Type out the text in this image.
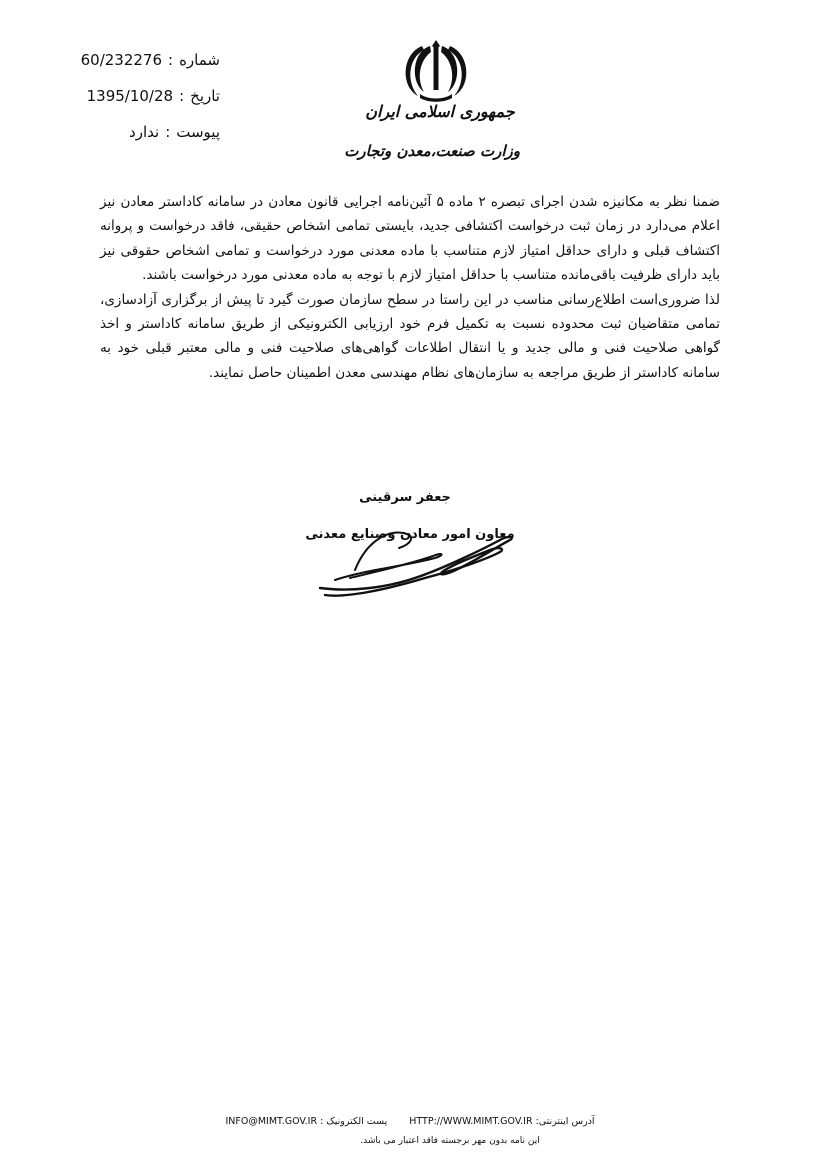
شماره:60/232276
تاریخ:1395/10/28
پیوست:ندارد
جمهوری اسلامی ایران
وزارت صنعت،معدن وتجارت

ضمنا نظر به مکانیزه شدن اجرای تبصره ۲ ماده ۵ آئین‌نامه اجرایی قانون معادن در سامانه کاداستر معادن نیز اعلام می‌دارد در زمان ثبت درخواست اکتشافی جدید، بایستی تمامی اشخاص حقیقی، فاقد درخواست و پروانه اکتشاف قبلی و دارای حداقل امتیاز لازم متناسب با ماده معدنی مورد درخواست و تمامی اشخاص حقوقی نیز باید دارای ظرفیت باقی‌مانده متناسب با حداقل امتیاز لازم با توجه به ماده معدنی مورد درخواست باشند.

لذا ضروری‌است اطلاع‌رسانی مناسب در این راستا در سطح سازمان صورت گیرد تا پیش از برگزاری آزادسازی، تمامی متقاضیان ثبت محدوده نسبت به تکمیل فرم خود ارزیابی الکترونیکی از طریق سامانه کاداستر و اخذ گواهی صلاحیت فنی و مالی جدید و یا انتقال اطلاعات گواهی‌های صلاحیت فنی و مالی معتبر قبلی خود به سامانه کاداستر از طریق مراجعه به سازمان‌های نظام مهندسی معدن اطمینان حاصل نمایند.

جعفر سرقینی
معاون امور معادن وصنایع معدنی
آدرس اینترنتی:HTTP://WWW.MIMT.GOV.IRپست الکترونیک :INFO@MIMT.GOV.IR
این نامه بدون مهر برجسته فاقد اعتبار می باشد.
